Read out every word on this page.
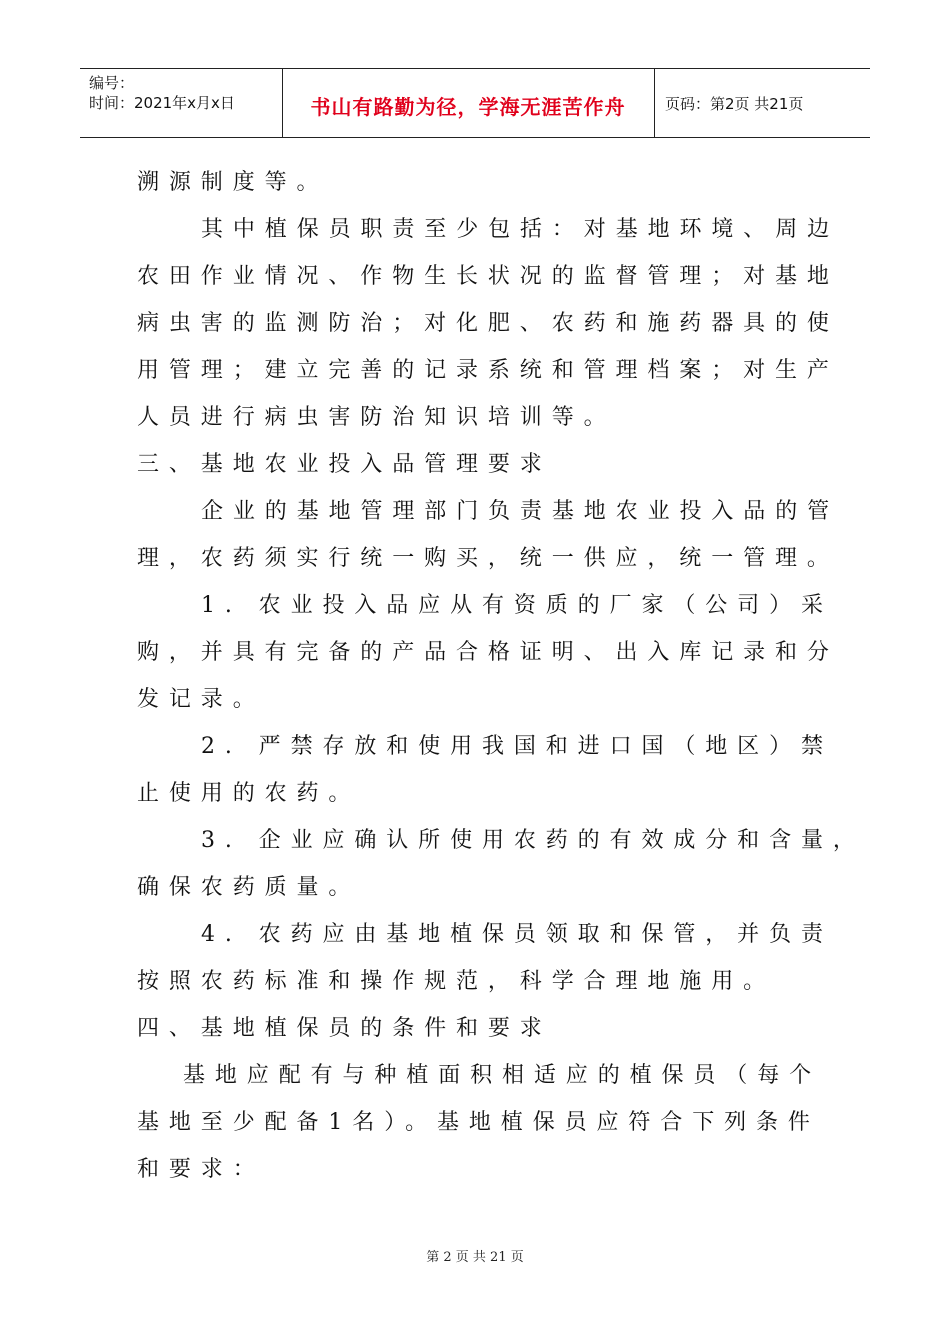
编号：
时间：2021年x月x日	书山有路勤为径，学海无涯苦作舟	页码：第2页 共21页
溯源制度等。
其中植保员职责至少包括：对基地环境、周边
农田作业情况、作物生长状况的监督管理；对基地
病虫害的监测防治；对化肥、农药和施药器具的使
用管理；建立完善的记录系统和管理档案；对生产
人员进行病虫害防治知识培训等。
三、基地农业投入品管理要求
企业的基地管理部门负责基地农业投入品的管
理，农药须实行统一购买，统一供应，统一管理。
1. 农业投入品应从有资质的厂家（公司）采
购，并具有完备的产品合格证明、出入库记录和分
发记录。
2. 严禁存放和使用我国和进口国（地区）禁
止使用的农药。
3. 企业应确认所使用农药的有效成分和含量，
确保农药质量。
4. 农药应由基地植保员领取和保管，并负责
按照农药标准和操作规范，科学合理地施用。
四、基地植保员的条件和要求
基地应配有与种植面积相适应的植保员（每个
基地至少配备1名）。基地植保员应符合下列条件
和要求：
第 2 页 共 21 页
